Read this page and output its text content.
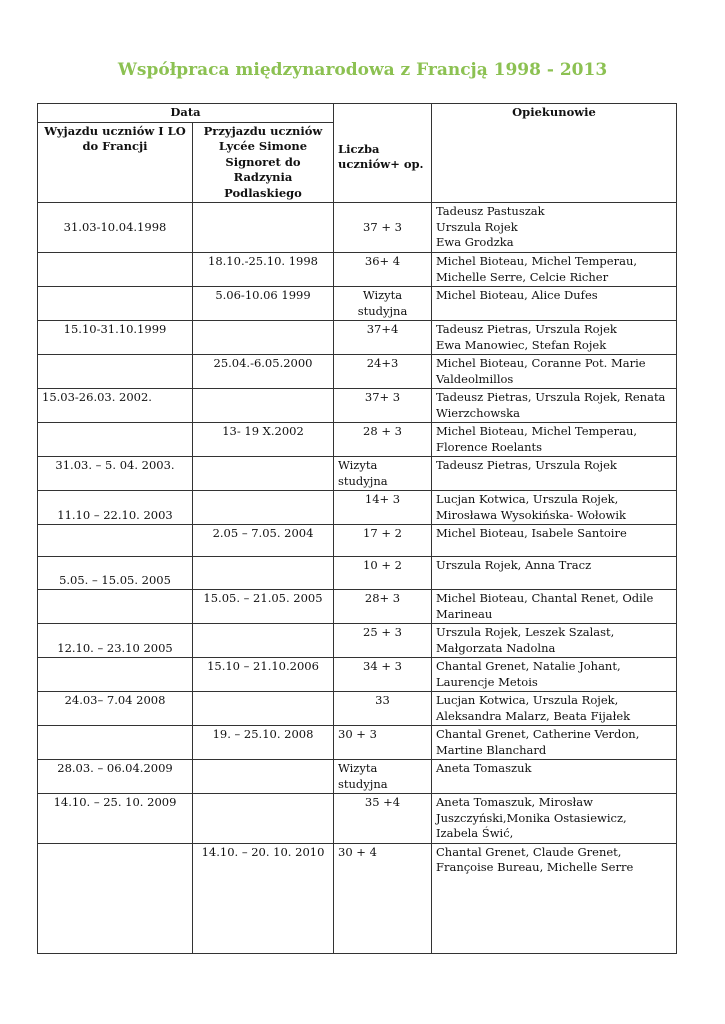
Współpraca międzynarodowa z Francją 1998 - 2013
Data		Liczba uczniów+ op.	Opiekunowie
Wyjazdu uczniów I LO do Francji	Przyjazdu uczniów Lycée Simone Signoret do Radzynia Podlaskiego		
31.03-10.04.1998		37 + 3	Tadeusz Pastuszak
Urszula Rojek
Ewa Grodzka
	18.10.-25.10. 1998	36+ 4	Michel Bioteau, Michel Temperau, Michelle Serre, Celcie Richer
	5.06-10.06 1999	Wizyta studyjna	Michel Bioteau, Alice Dufes
15.10-31.10.1999		37+4	Tadeusz Pietras, Urszula Rojek
Ewa Manowiec, Stefan Rojek
	25.04.-6.05.2000	24+3	Michel Bioteau, Coranne Pot. Marie Valdeolmillos
15.03-26.03. 2002.		37+ 3	Tadeusz Pietras, Urszula Rojek, Renata Wierzchowska
	13- 19 X.2002	28 + 3	Michel Bioteau, Michel Temperau,
Florence Roelants
31.03. – 5. 04. 2003.		Wizyta studyjna	Tadeusz Pietras, Urszula Rojek
11.10 – 22.10. 2003		14+ 3	Lucjan Kotwica, Urszula Rojek, Mirosława Wysokińska- Wołowik
	2.05 – 7.05. 2004	17 + 2	Michel Bioteau, Isabele Santoire
5.05. – 15.05. 2005		10 + 2	Urszula Rojek, Anna Tracz
	15.05. – 21.05. 2005	28+ 3	Michel Bioteau, Chantal Renet, Odile Marineau
12.10. – 23.10 2005		25 + 3	Urszula Rojek, Leszek Szalast, Małgorzata Nadolna
	15.10 – 21.10.2006	34 + 3	Chantal Grenet, Natalie Johant,
Laurencje Metois
24.03– 7.04 2008		33	Lucjan Kotwica, Urszula Rojek, Aleksandra Malarz, Beata Fijałek
	19. – 25.10. 2008	30 + 3	Chantal Grenet, Catherine Verdon,
Martine Blanchard
28.03. – 06.04.2009		Wizyta studyjna	Aneta Tomaszuk
14.10. – 25. 10. 2009		35 +4	Aneta Tomaszuk, Mirosław Juszczyński,Monika Ostasiewicz, Izabela Świć,
	14.10. – 20. 10. 2010	30 + 4	Chantal Grenet, Claude Grenet, Françoise Bureau, Michelle Serre
